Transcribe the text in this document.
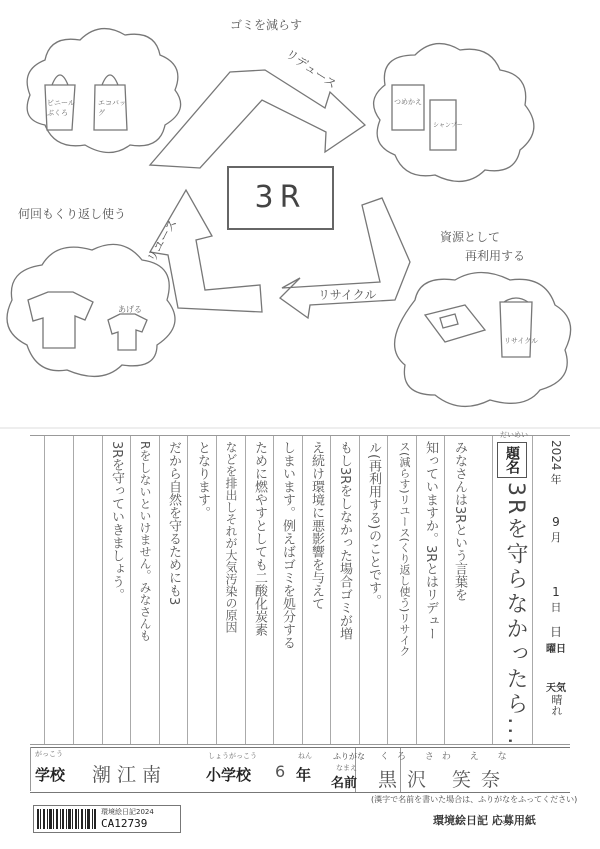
3R
ゴミを減らす
何回もくり返し使う
資源として
再利用する
リデュース
リユース
リサイクル
ビニールぶくろ
エコバッグ
つめかえ
シャンプー
あげる
リサイクル
題名
だいめい
3Rを守らなかったら...
2024
年
9
月
1
日
日
曜日
天気
晴れ
みなさんは3Rという言葉を
知っていますか。3Rとはリデュー
ス(減らす)リユース(くり返し使う)リサイク
ル(再利用する)のことです。
もし3Rをしなかった場合ゴミが増
え続け環境に悪影響を与えて
しまいます。例えばゴミを処分する
ために燃やすとしても二酸化炭素
などを排出しそれが大気汚染の原因
となります。
だから自然を守るためにも3
Rをしないといけません。みなさんも
3Rを守っていきましょう。
がっこう
学校 潮江南
しょうがっこう
小学校 6
ねん
年
ふりがな
なまえ
名前
くろ さわ え な
黒沢 笑奈
(漢字で名前を書いた場合は、ふりがなをふってください)
環境絵日記2024
CA12739	環境絵日記 応募用紙
